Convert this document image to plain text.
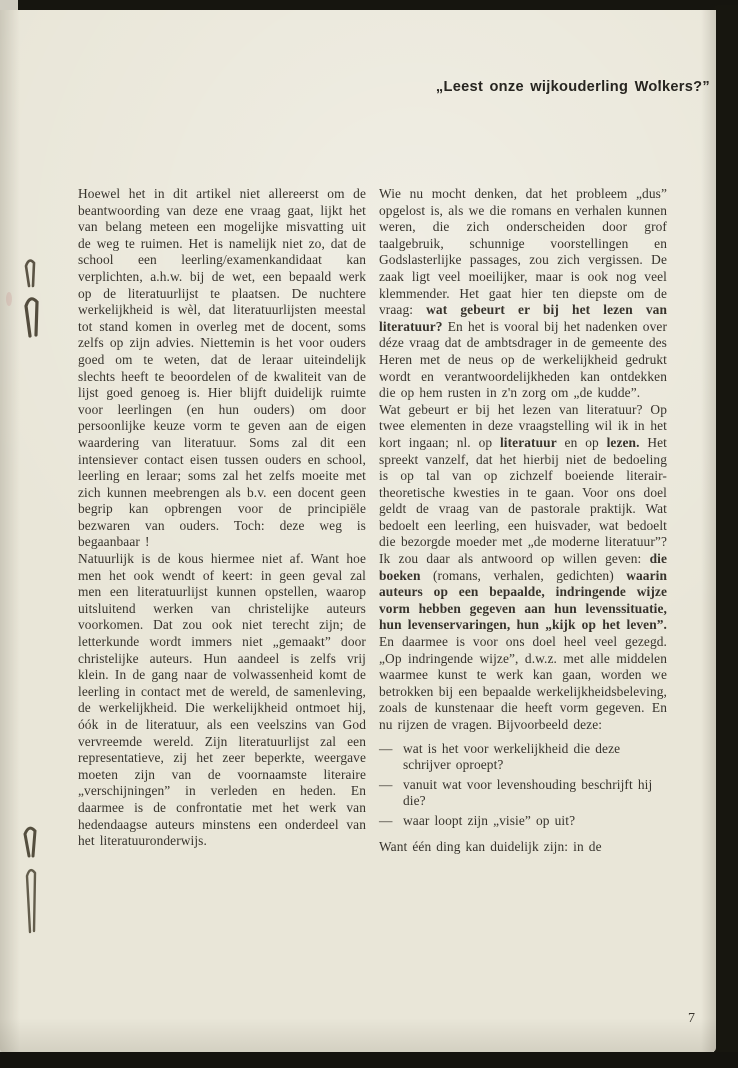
„Leest onze wijkouderling Wolkers?”

Hoewel het in dit artikel niet allereerst om de beantwoording van deze ene vraag gaat, lijkt het van belang meteen een mogelijke misvatting uit de weg te ruimen. Het is namelijk niet zo, dat de school een leerling/examenkandidaat kan verplichten, a.h.w. bij de wet, een bepaald werk op de literatuurlijst te plaatsen. De nuchtere werkelijkheid is wèl, dat literatuurlijsten meestal tot stand komen in overleg met de docent, soms zelfs op zijn advies. Niettemin is het voor ouders goed om te weten, dat de leraar uiteindelijk slechts heeft te beoordelen of de kwaliteit van de lijst goed genoeg is. Hier blijft duidelijk ruimte voor leerlingen (en hun ouders) om door persoonlijke keuze vorm te geven aan de eigen waardering van literatuur. Soms zal dit een intensiever contact eisen tussen ouders en school, leerling en leraar; soms zal het zelfs moeite met zich kunnen meebrengen als b.v. een docent geen begrip kan opbrengen voor de principiële bezwaren van ouders. Toch: deze weg is begaanbaar !

Natuurlijk is de kous hiermee niet af. Want hoe men het ook wendt of keert: in geen geval zal men een literatuurlijst kunnen opstellen, waarop uitsluitend werken van christelijke auteurs voorkomen. Dat zou ook niet terecht zijn; de letterkunde wordt immers niet „gemaakt” door christelijke auteurs. Hun aandeel is zelfs vrij klein. In de gang naar de volwassenheid komt de leerling in contact met de wereld, de samenleving, de werkelijkheid. Die werkelijkheid ontmoet hij, óók in de literatuur, als een veelszins van God vervreemde wereld. Zijn literatuurlijst zal een representatieve, zij het zeer beperkte, weergave moeten zijn van de voornaamste literaire „verschijningen” in verleden en heden. En daarmee is de confrontatie met het werk van hedendaagse auteurs minstens een onderdeel van het literatuuronderwijs.

Wie nu mocht denken, dat het probleem „dus” opgelost is, als we die romans en verhalen kunnen weren, die zich onderscheiden door grof taalgebruik, schunnige voorstellingen en Godslasterlijke passages, zou zich vergissen. De zaak ligt veel moeilijker, maar is ook nog veel klemmender. Het gaat hier ten diepste om de vraag: wat gebeurt er bij het lezen van literatuur? En het is vooral bij het nadenken over déze vraag dat de ambtsdrager in de gemeente des Heren met de neus op de werkelijkheid gedrukt wordt en verantwoordelijkheden kan ontdekken die op hem rusten in z'n zorg om „de kudde”.

Wat gebeurt er bij het lezen van literatuur? Op twee elementen in deze vraagstelling wil ik in het kort ingaan; nl. op literatuur en op lezen. Het spreekt vanzelf, dat het hierbij niet de bedoeling is op tal van op zichzelf boeiende literair-theoretische kwesties in te gaan. Voor ons doel geldt de vraag van de pastorale praktijk. Wat bedoelt een leerling, een huisvader, wat bedoelt die bezorgde moeder met „de moderne literatuur”? Ik zou daar als antwoord op willen geven: die boeken (romans, verhalen, gedichten) waarin auteurs op een bepaalde, indringende wijze vorm hebben gegeven aan hun levenssituatie, hun levenservaringen, hun „kijk op het leven”. En daarmee is voor ons doel heel veel gezegd. „Op indringende wijze”, d.w.z. met alle middelen waarmee kunst te werk kan gaan, worden we betrokken bij een bepaalde werkelijkheidsbeleving, zoals de kunstenaar die heeft vorm gegeven. En nu rijzen de vragen. Bijvoorbeeld deze:

— wat is het voor werkelijkheid die deze schrijver oproept?
— vanuit wat voor levenshouding beschrijft hij die?
— waar loopt zijn „visie” op uit?

Want één ding kan duidelijk zijn: in de

7
